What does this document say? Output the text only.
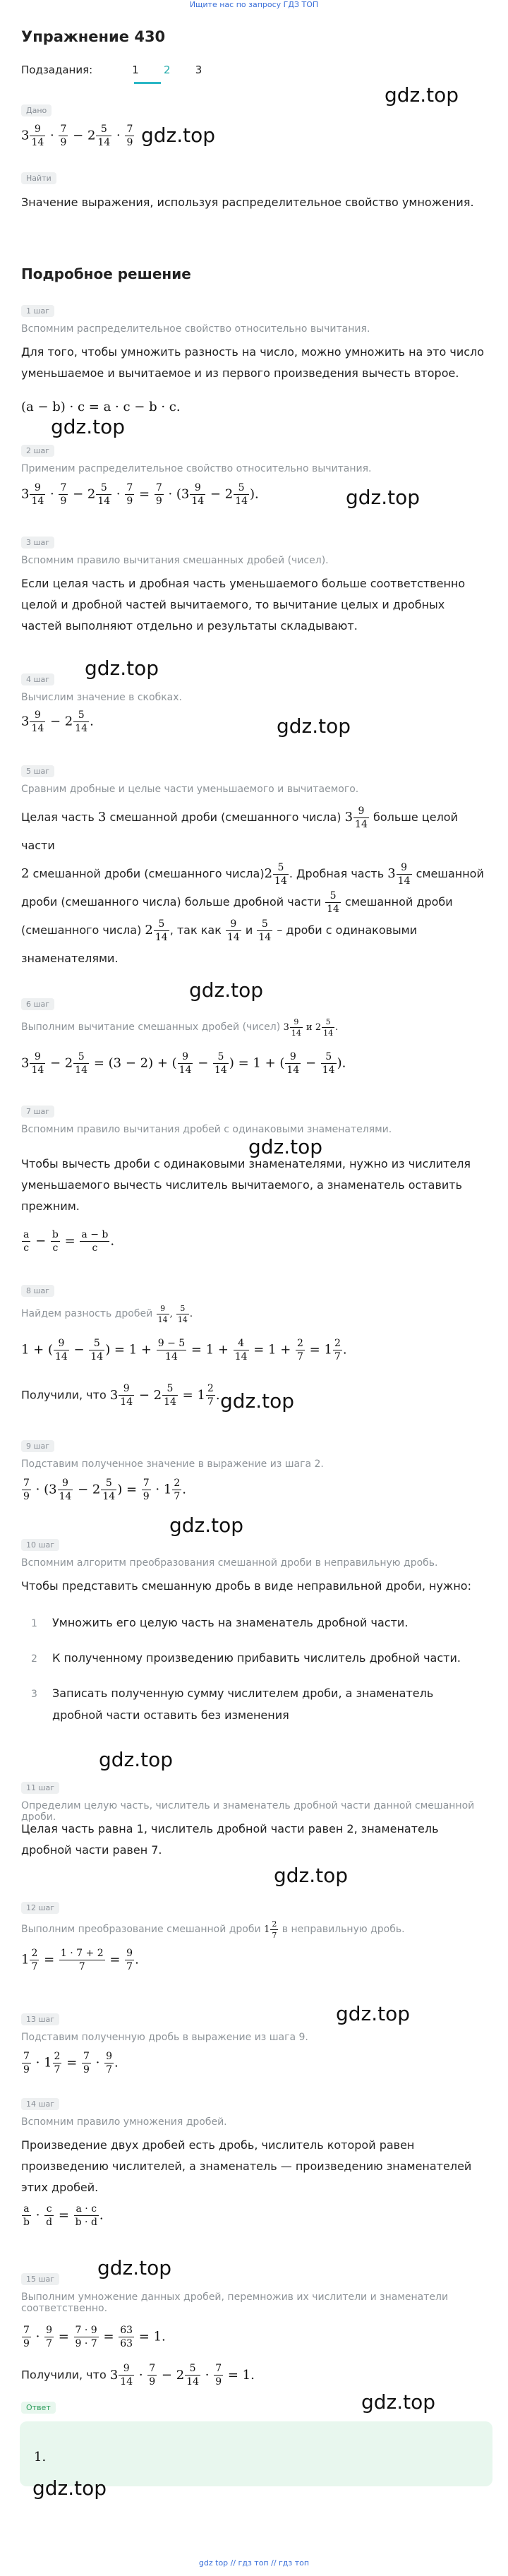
Ищите нас по запросу ГДЗ ТОП
Упражнение 430
Подзадания:	1 2 3
Дано
gdz.top
$3 \frac{9}{14} \cdot \frac{7}{9} - 2 \frac{5}{14} \cdot \frac{7}{9} gdz.top$
Найти
Значение выражения, используя распределительное свойство умножения.
Подробное решение
1 шаг
Вспомним распределительное свойство относительно вычитания.
Для того, чтобы умножить разность на число, можно умножить на это число уменьшаемое и вычитаемое и из первого произведения вычесть второе.
(a − b) · c = a · c − b · c.
gdz.top
2 шаг
Применим распределительное свойство относительно вычитания.
$3 \frac{9}{14} \cdot \frac{7}{9} - 2 \frac{5}{14} \cdot \frac{7}{9} = \frac{7}{9} \cdot (3 \frac{9}{14} - 2 \frac{5}{14}$ ).	gdz.top
3 шаг
Вспомним правило вычитания смешанных дробей (чисел).
Если целая часть и дробная часть уменьшаемого больше соответственно целой и дробной частей вычитаемого, то вычитание целых и дробных частей выполняют отдельно и результаты складывают.
4 шаг gdz.top
Вычислим значение в скобках.
$3 \frac{9}{14} - 2 \frac{5}{14}$ .	gdz.top
5 шаг
Сравним дробные и целые части уменьшаемого и вычитаемого.
Целая часть 3 смешанной дроби (смешанного числа) $3 \frac{9}{14}$ больше целой части
2 смешанной дроби (смешанного числа)2 $\frac{5}{14}$ . Дробная часть $3 \frac{9}{14}$ смешанной
дроби (смешанного числа) больше дробной части $\frac{5}{14}$ смешанной дроби
(смешанного числа) $2 \frac{5}{14}$ , так как $\frac{9}{14}$ и $\frac{5}{14}$ – дроби с одинаковыми
знаменателями.
gdz.top
6 шаг
Выполним вычитание смешанных дробей (чисел) $3 \frac{9}{14}$ и $2 \frac{5}{14}$ .
$3 \frac{9}{14} - 2 \frac{5}{14} = (3 - 2)$ + ( $\frac{9}{14} - \frac{5}{14}$ ) = 1 + ( $\frac{9}{14} - \frac{5}{14}$ ).
7 шаг
Вспомним правило вычитания дробей с одинаковыми знаменателями.
gdz.top
Чтобы вычесть дроби с одинаковыми знаменателями, нужно из числителя уменьшаемого вычесть числитель вычитаемого, а знаменатель оставить прежним.
$\frac{a}{c} - \frac{b}{c} = \frac{a - b}{c}$ .
8 шаг
Найдем разность дробей $\frac{9}{14}$ , $\frac{5}{14}$ .
1 + ( $\frac{9}{14} - \frac{5}{14}$ ) = $1 + \frac{9 - 5}{14} = 1 + \frac{4}{14} = 1 + \frac{2}{7} = 1 \frac{2}{7}$ .
Получили, что $3 \frac{9}{14} - 2 \frac{5}{14} = 1 \frac{2}{7}$ . gdz.top
9 шаг
Подставим полученное значение в выражение из шага 2.
$\frac{7}{9} \cdot (3 \frac{9}{14} - 2 \frac{5}{14}$ ) = $\frac{7}{9} \cdot 1 \frac{2}{7}$ .
gdz.top
10 шаг
Вспомним алгоритм преобразования смешанной дроби в неправильную дробь.
Чтобы представить смешанную дробь в виде неправильной дроби, нужно:
1 Умножить его целую часть на знаменатель дробной части.
2 К полученному произведению прибавить числитель дробной части.
3 Записать полученную сумму числителем дроби, а знаменатель дробной части оставить без изменения
gdz.top
11 шаг
Определим целую часть, числитель и знаменатель дробной части данной смешанной дроби.
Целая часть равна 1, числитель дробной части равен 2, знаменатель дробной части равен 7.
gdz.top
12 шаг
Выполним преобразование смешанной дроби $1 \frac{2}{7}$ в неправильную дробь.
$1 \frac{2}{7} = \frac{1 \cdot 7 + 2}{7} = \frac{9}{7}$ .
13 шаг	gdz.top
Подставим полученную дробь в выражение из шага 9.
$\frac{7}{9} \cdot 1 \frac{2}{7} = \frac{7}{9} \cdot \frac{9}{7}$ .
14 шаг
Вспомним правило умножения дробей.
Произведение двух дробей есть дробь, числитель которой равен произведению числителей, а знаменатель — произведению знаменателей этих дробей.
$\frac{a}{b} \cdot \frac{c}{d} = \frac{a \cdot c}{b \cdot d}$ .
gdz.top
15 шаг
Выполним умножение данных дробей, перемножив их числители и знаменатели соответственно.
$\frac{7}{9} \cdot \frac{9}{7} = \frac{7 \cdot 9}{9 \cdot 7} = \frac{63}{63} = 1$.
Получили, что $3 \frac{9}{14} \cdot \frac{7}{9} - 2 \frac{5}{14} \cdot \frac{7}{9} = 1$.
Ответ	gdz.top
1.
gdz.top
gdz top // гдз топ // гдз топ
